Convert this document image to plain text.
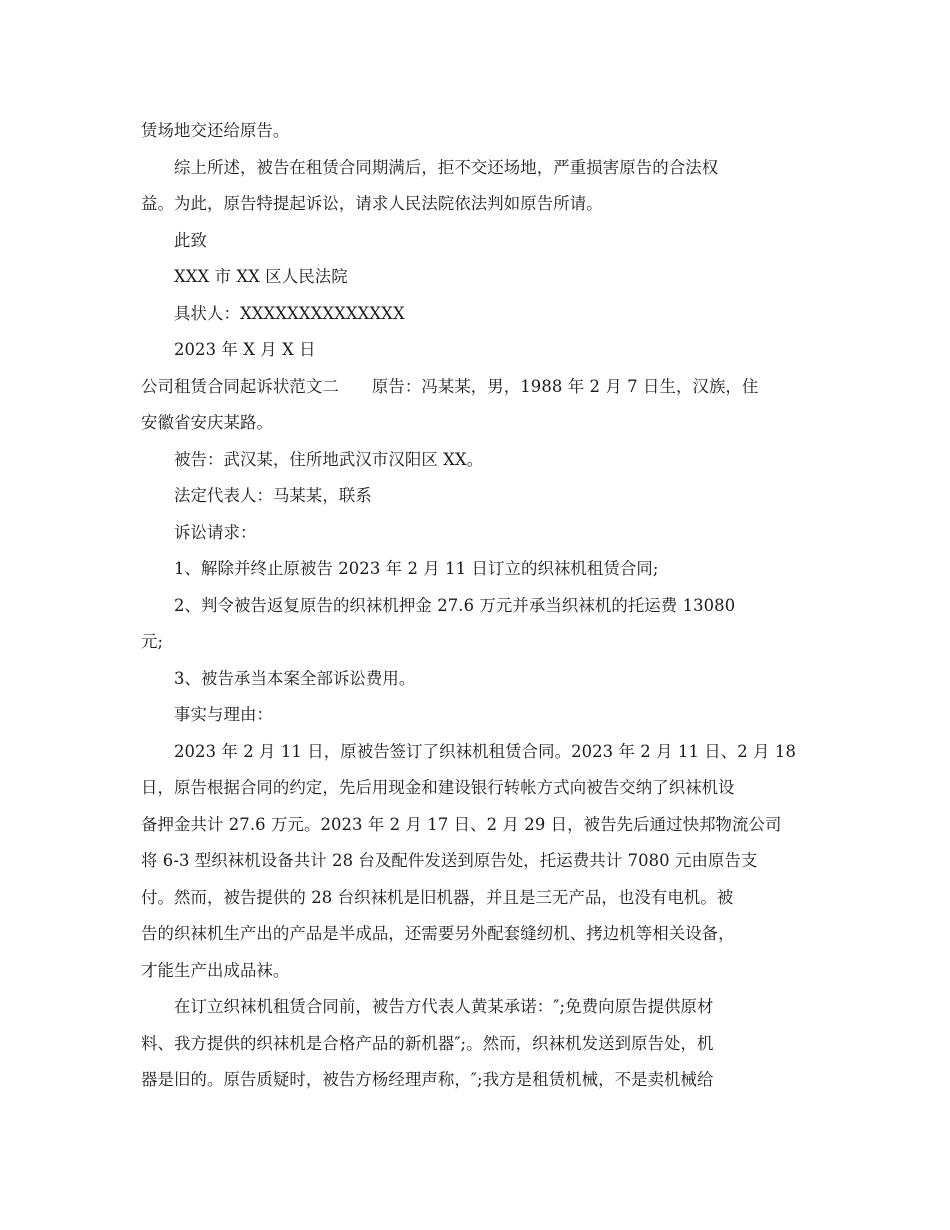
赁场地交还给原告。
综上所述，被告在租赁合同期满后，拒不交还场地，严重损害原告的合法权
益。为此，原告特提起诉讼，请求人民法院依法判如原告所请。
此致
XXX 市 XX 区人民法院
具状人：XXXXXXXXXXXXXX
2023 年 X 月 X 日
公司租赁合同起诉状范文二　　原告：冯某某，男，1988 年 2 月 7 日生，汉族，住
安徽省安庆某路。
被告：武汉某，住所地武汉市汉阳区 XX。
法定代表人：马某某，联系
诉讼请求：
1、解除并终止原被告 2023 年 2 月 11 日订立的织袜机租赁合同;
2、判令被告返复原告的织袜机押金 27.6 万元并承当织袜机的托运费 13080
元;
3、被告承当本案全部诉讼费用。
事实与理由：
2023 年 2 月 11 日，原被告签订了织袜机租赁合同。2023 年 2 月 11 日、2 月 18
日，原告根据合同的约定，先后用现金和建设银行转帐方式向被告交纳了织袜机设
备押金共计 27.6 万元。2023 年 2 月 17 日、2 月 29 日，被告先后通过快邦物流公司
将 6-3 型织袜机设备共计 28 台及配件发送到原告处，托运费共计 7080 元由原告支
付。然而，被告提供的 28 台织袜机是旧机器，并且是三无产品，也没有电机。被
告的织袜机生产出的产品是半成品，还需要另外配套缝纫机、拷边机等相关设备，
才能生产出成品袜。
在订立织袜机租赁合同前，被告方代表人黄某承诺：″;免费向原告提供原材
料、我方提供的织袜机是合格产品的新机器″;。然而，织袜机发送到原告处，机
器是旧的。原告质疑时，被告方杨经理声称，″;我方是租赁机械，不是卖机械给
